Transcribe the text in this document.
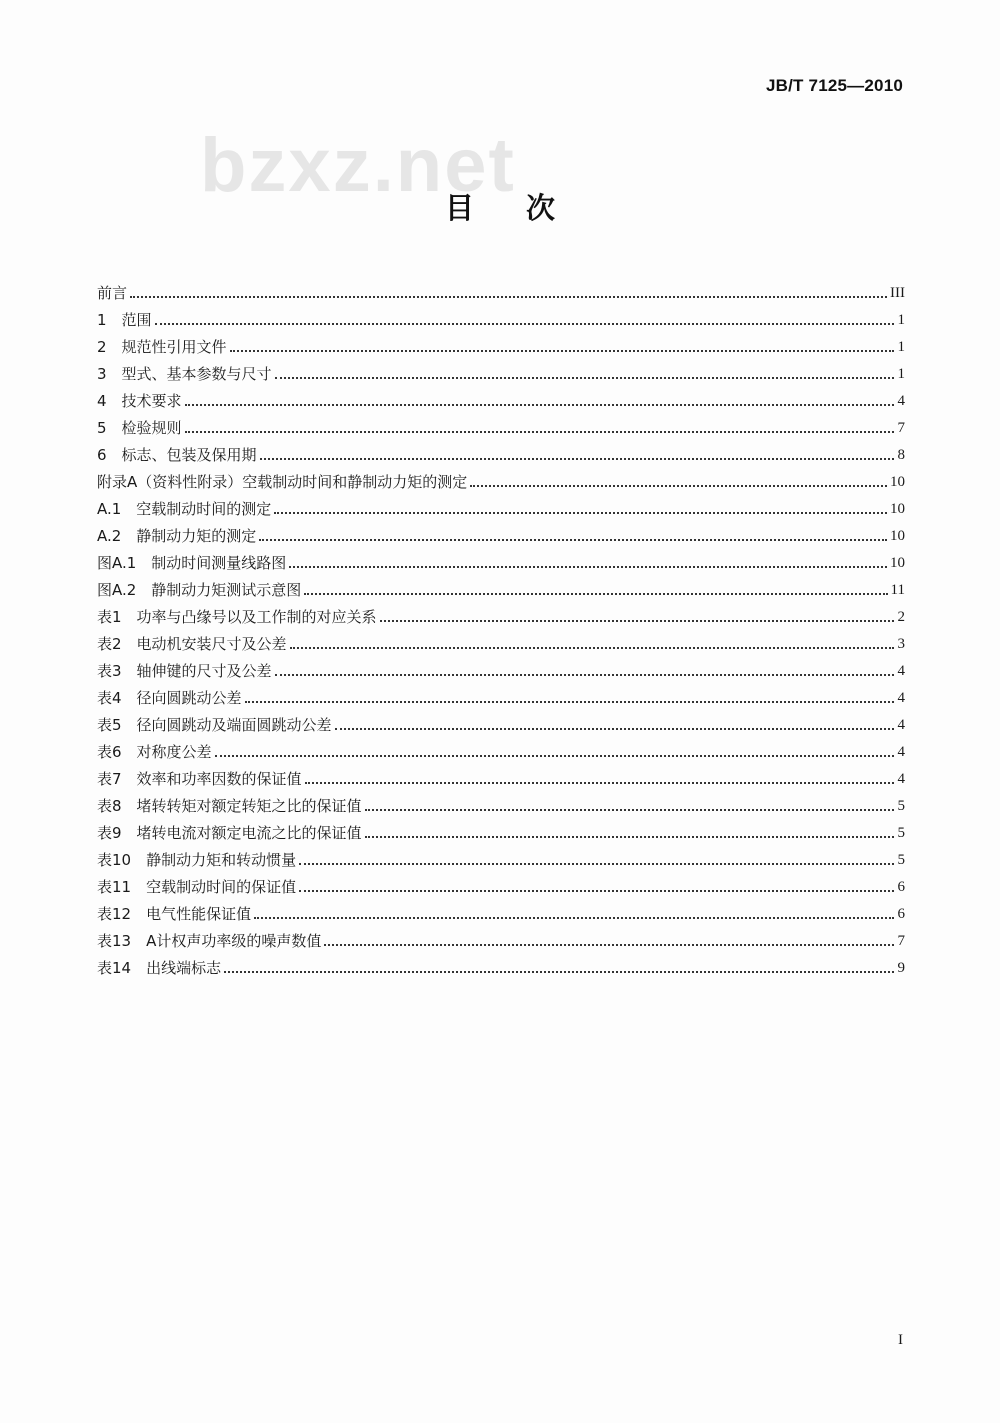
JB/T 7125—2010
bzxz.net
目次
前言	III
1　范围	1
2　规范性引用文件	1
3　型式、基本参数与尺寸	1
4　技术要求	4
5　检验规则	7
6　标志、包装及保用期	8
附录A（资料性附录）空载制动时间和静制动力矩的测定	10
A.1　空载制动时间的测定	10
A.2　静制动力矩的测定	10
图A.1　制动时间测量线路图	10
图A.2　静制动力矩测试示意图	11
表1　功率与凸缘号以及工作制的对应关系	2
表2　电动机安装尺寸及公差	3
表3　轴伸键的尺寸及公差	4
表4　径向圆跳动公差	4
表5　径向圆跳动及端面圆跳动公差	4
表6　对称度公差	4
表7　效率和功率因数的保证值	4
表8　堵转转矩对额定转矩之比的保证值	5
表9　堵转电流对额定电流之比的保证值	5
表10　静制动力矩和转动惯量	5
表11　空载制动时间的保证值	6
表12　电气性能保证值	6
表13　A计权声功率级的噪声数值	7
表14　出线端标志	9
I
